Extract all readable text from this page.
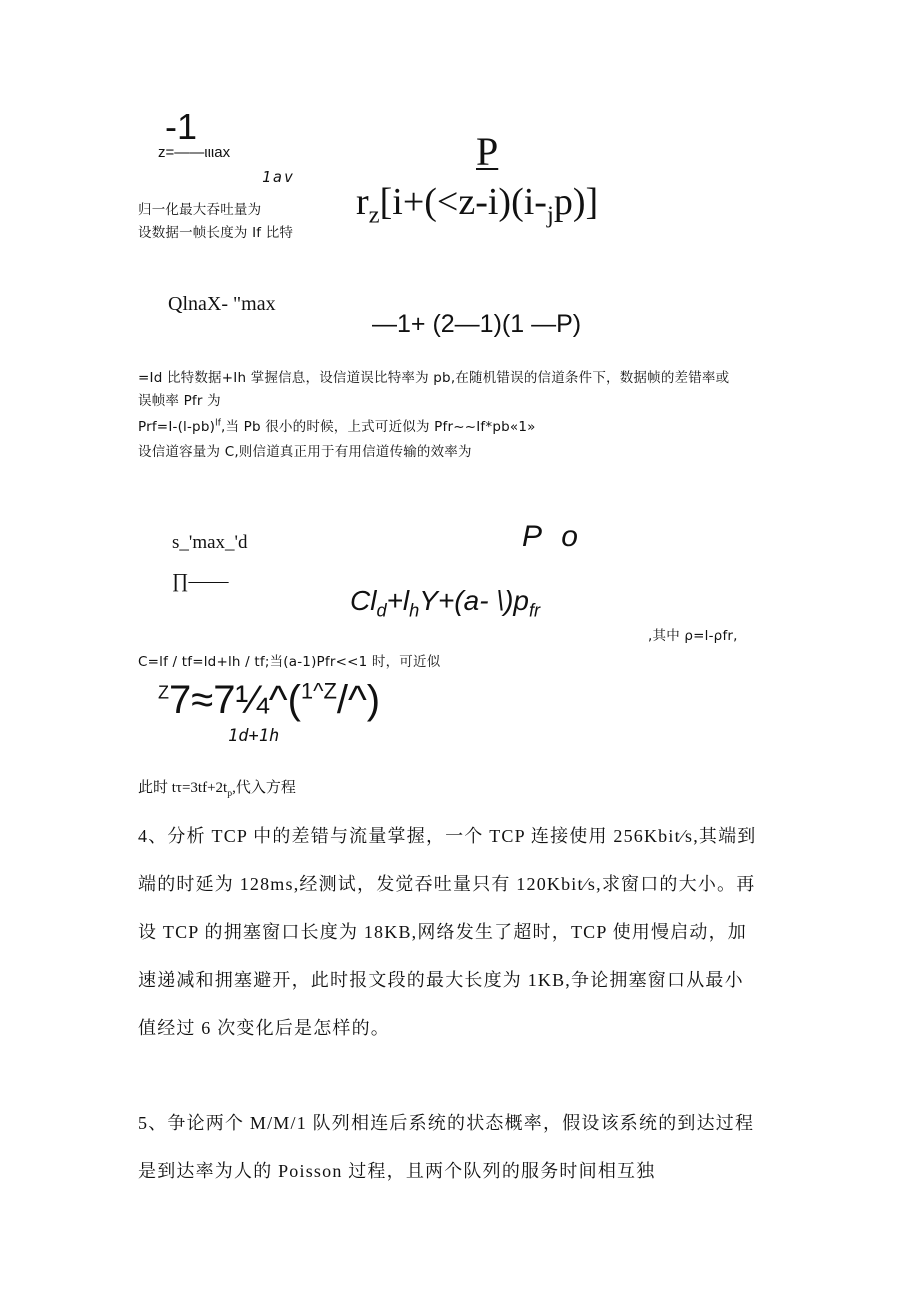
-1
z=——ιιιax
1av
P
$r_z[i+(<z-i)(i-_jp)]$
归一化最大吞吐量为
设数据一帧长度为 If 比特
QlnaX- "max
—1+ (2—1)(1 —P)
=Id 比特数据+Ih 掌握信息，设信道误比特率为 pb,在随机错误的信道条件下，数据帧的差错率或
误帧率 Pfr 为
$Prf=I-(l-pb)^{lf}$,当 Pb 很小的时候，上式可近似为 Pfr~~If*pb«1»
设信道容量为 C,则信道真正用于有用信道传输的效率为
s_'max_'d
∏——
P o
$Cl_d+l_hY+(a-$ $\backslash)p_{fr}$
,其中 ρ=l-ρfr,
C=lf / tf=ld+lh / tf;当(a-1)Pfr<<1 时，可近似
$^Z$7≈7¼^($^{1\^{}Z}$/^)
1d+1h
此时 $t\tau=3tf+2t_p$,代入方程
4、分析 TCP 中的差错与流量掌握，一个 TCP 连接使用 256Kbit⁄s,其端到
端的时延为 128ms,经测试，发觉吞吐量只有 120Kbit⁄s,求窗口的大小。再
设 TCP 的拥塞窗口长度为 18KB,网络发生了超时，TCP 使用慢启动，加
速递减和拥塞避开，此时报文段的最大长度为 1KB,争论拥塞窗口从最小
值经过 6 次变化后是怎样的。
5、争论两个 M/M/1 队列相连后系统的状态概率，假设该系统的到达过程
是到达率为人的 Poisson 过程，且两个队列的服务时间相互独
